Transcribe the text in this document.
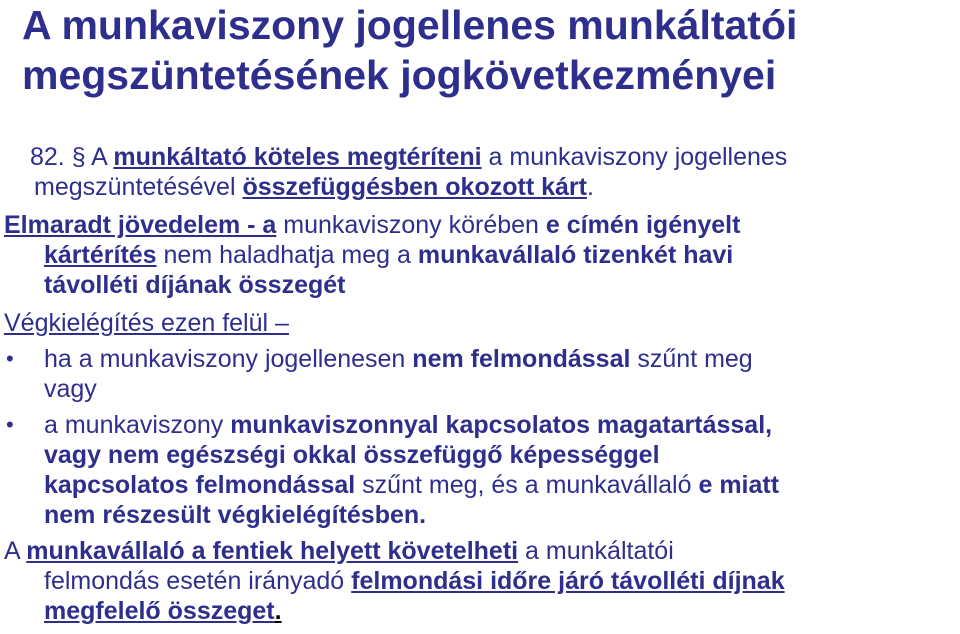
A munkaviszony jogellenes munkáltatói
megszüntetésének jogkövetkezményei
82. § A munkáltató köteles megtéríteni a munkaviszony jogellenes
megszüntetésével összefüggésben okozott kárt.
Elmaradt jövedelem - a munkaviszony körében e címén igényelt
kártérítés nem haladhatja meg a munkavállaló tizenkét havi
távolléti díjának összegét
Végkielégítés ezen felül –
•	ha a munkaviszony jogellenesen nem felmondással szűnt meg
vagy
•	a munkaviszony munkaviszonnyal kapcsolatos magatartással,
vagy nem egészségi okkal összefüggő képességgel
kapcsolatos felmondással szűnt meg, és a munkavállaló e miatt
nem részesült végkielégítésben.
A munkavállaló a fentiek helyett követelheti a munkáltatói
felmondás esetén irányadó felmondási időre járó távolléti díjnak
megfelelő összeget.
